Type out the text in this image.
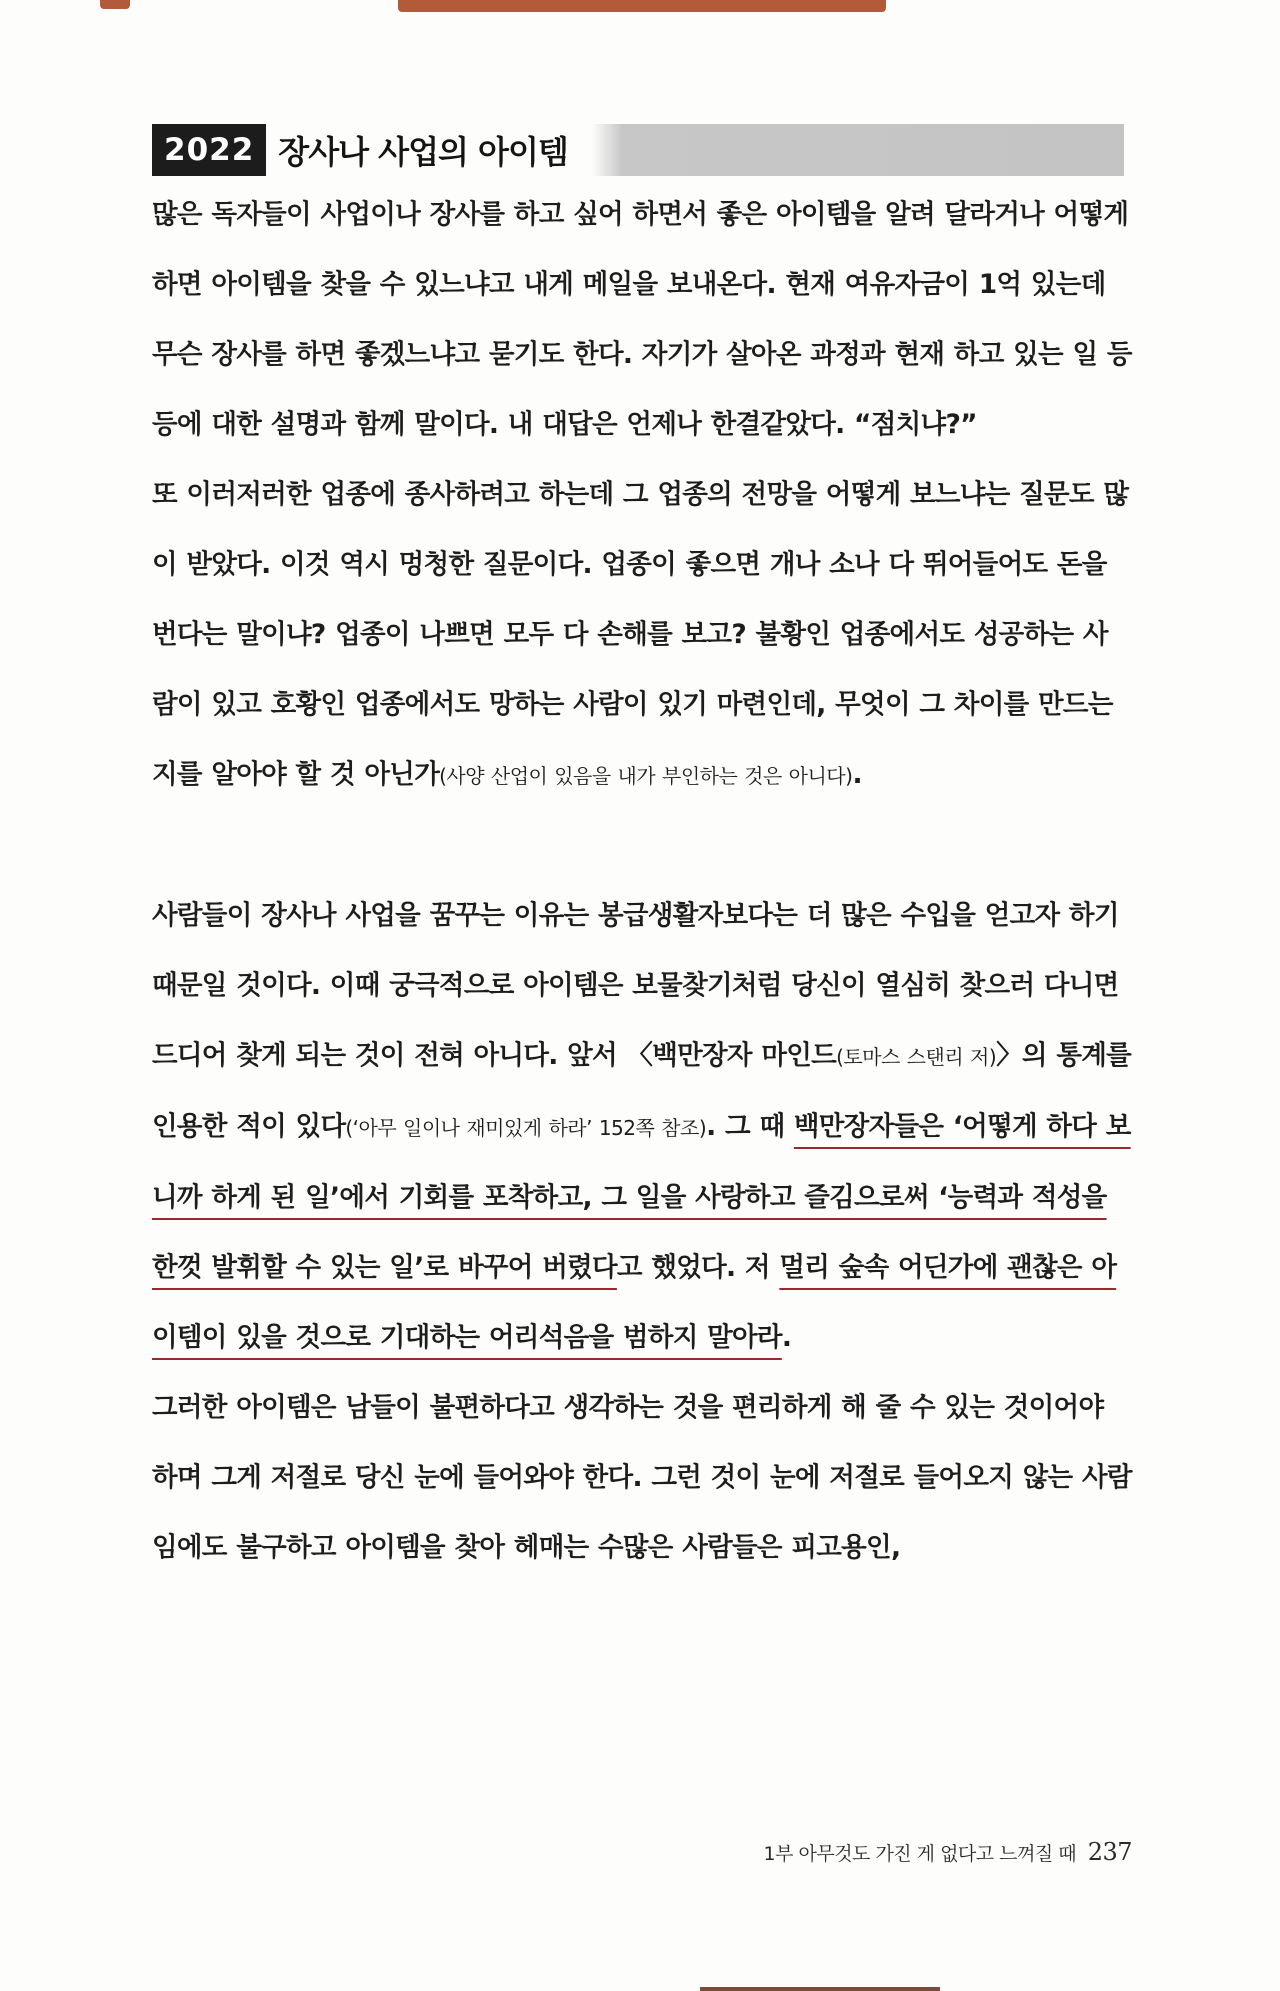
2022 장사나 사업의 아이템

많은 독자들이 사업이나 장사를 하고 싶어 하면서 좋은 아이템을 알려 달라거나 어떻게 하면 아이템을 찾을 수 있느냐고 내게 메일을 보내온다. 현재 여유자금이 1억 있는데 무슨 장사를 하면 좋겠느냐고 묻기도 한다. 자기가 살아온 과정과 현재 하고 있는 일 등등에 대한 설명과 함께 말이다. 내 대답은 언제나 한결같았다. “점치냐?”

또 이러저러한 업종에 종사하려고 하는데 그 업종의 전망을 어떻게 보느냐는 질문도 많이 받았다. 이것 역시 멍청한 질문이다. 업종이 좋으면 개나 소나 다 뛰어들어도 돈을 번다는 말이냐? 업종이 나쁘면 모두 다 손해를 보고? 불황인 업종에서도 성공하는 사람이 있고 호황인 업종에서도 망하는 사람이 있기 마련인데, 무엇이 그 차이를 만드는지를 알아야 할 것 아닌가(사양 산업이 있음을 내가 부인하는 것은 아니다).

사람들이 장사나 사업을 꿈꾸는 이유는 봉급생활자보다는 더 많은 수입을 얻고자 하기 때문일 것이다. 이때 궁극적으로 아이템은 보물찾기처럼 당신이 열심히 찾으러 다니면 드디어 찾게 되는 것이 전혀 아니다. 앞서 〈백만장자 마인드(토마스 스탠리 저)〉의 통계를 인용한 적이 있다(‘아무 일이나 재미있게 하라’ 152쪽 참조). 그 때 백만장자들은 ‘어떻게 하다 보니까 하게 된 일’에서 기회를 포착하고, 그 일을 사랑하고 즐김으로써 ‘능력과 적성을 한껏 발휘할 수 있는 일’로 바꾸어 버렸다고 했었다. 저 멀리 숲속 어딘가에 괜찮은 아이템이 있을 것으로 기대하는 어리석음을 범하지 말아라.

그러한 아이템은 남들이 불편하다고 생각하는 것을 편리하게 해 줄 수 있는 것이어야 하며 그게 저절로 당신 눈에 들어와야 한다. 그런 것이 눈에 저절로 들어오지 않는 사람임에도 불구하고 아이템을 찾아 헤매는 수많은 사람들은 피고용인,

1부 아무것도 가진 게 없다고 느껴질 때 237
